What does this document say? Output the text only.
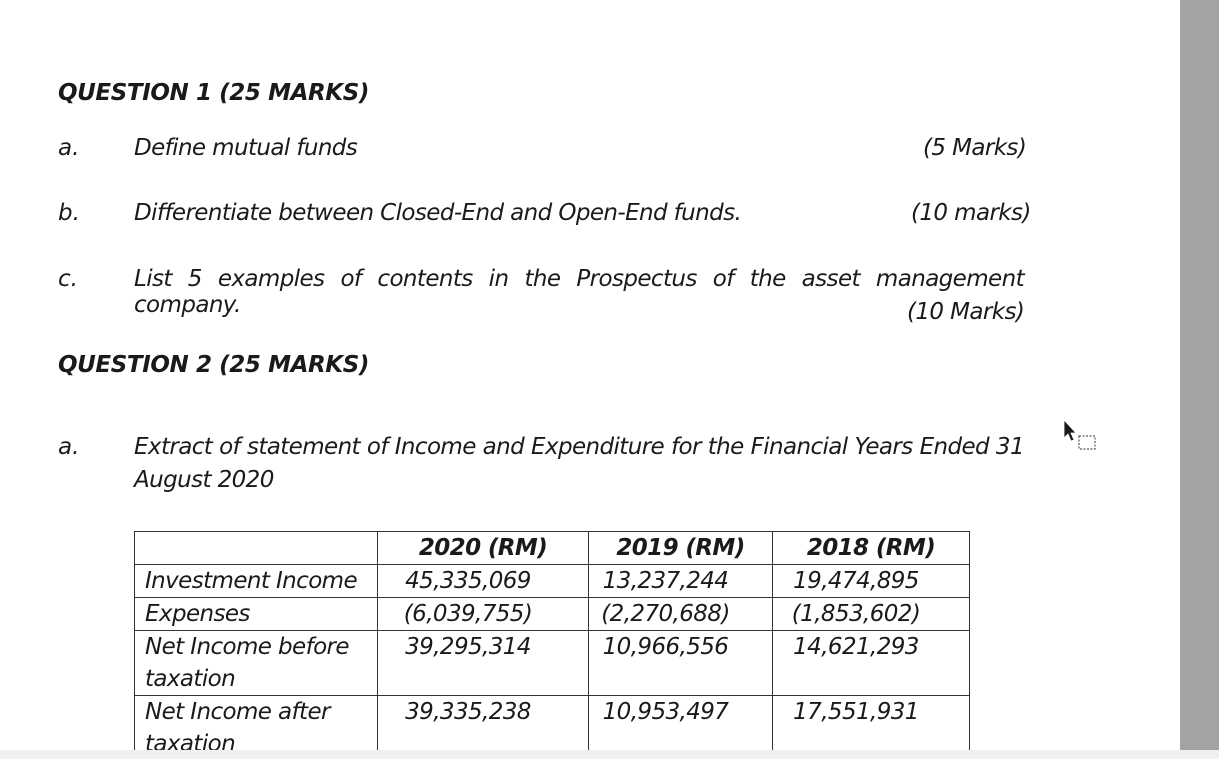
QUESTION 1 (25 MARKS)
a. Define mutual funds	(5 Marks)
b. Differentiate between Closed-End and Open-End funds.	(10 marks)
c. List 5 examples of contents in the Prospectus of the asset management company.	(10 Marks)
QUESTION 2 (25 MARKS)
a. Extract of statement of Income and Expenditure for the Financial Years Ended 31
August 2020
	2020 (RM)	2019 (RM)	2018 (RM)
Investment Income	45,335,069	13,237,244	19,474,895
Expenses	(6,039,755)	(2,270,688)	(1,853,602)

Net Income before
taxation	39,295,314	10,966,556	14,621,293

Net Income after
taxation	39,335,238	10,953,497	17,551,931
